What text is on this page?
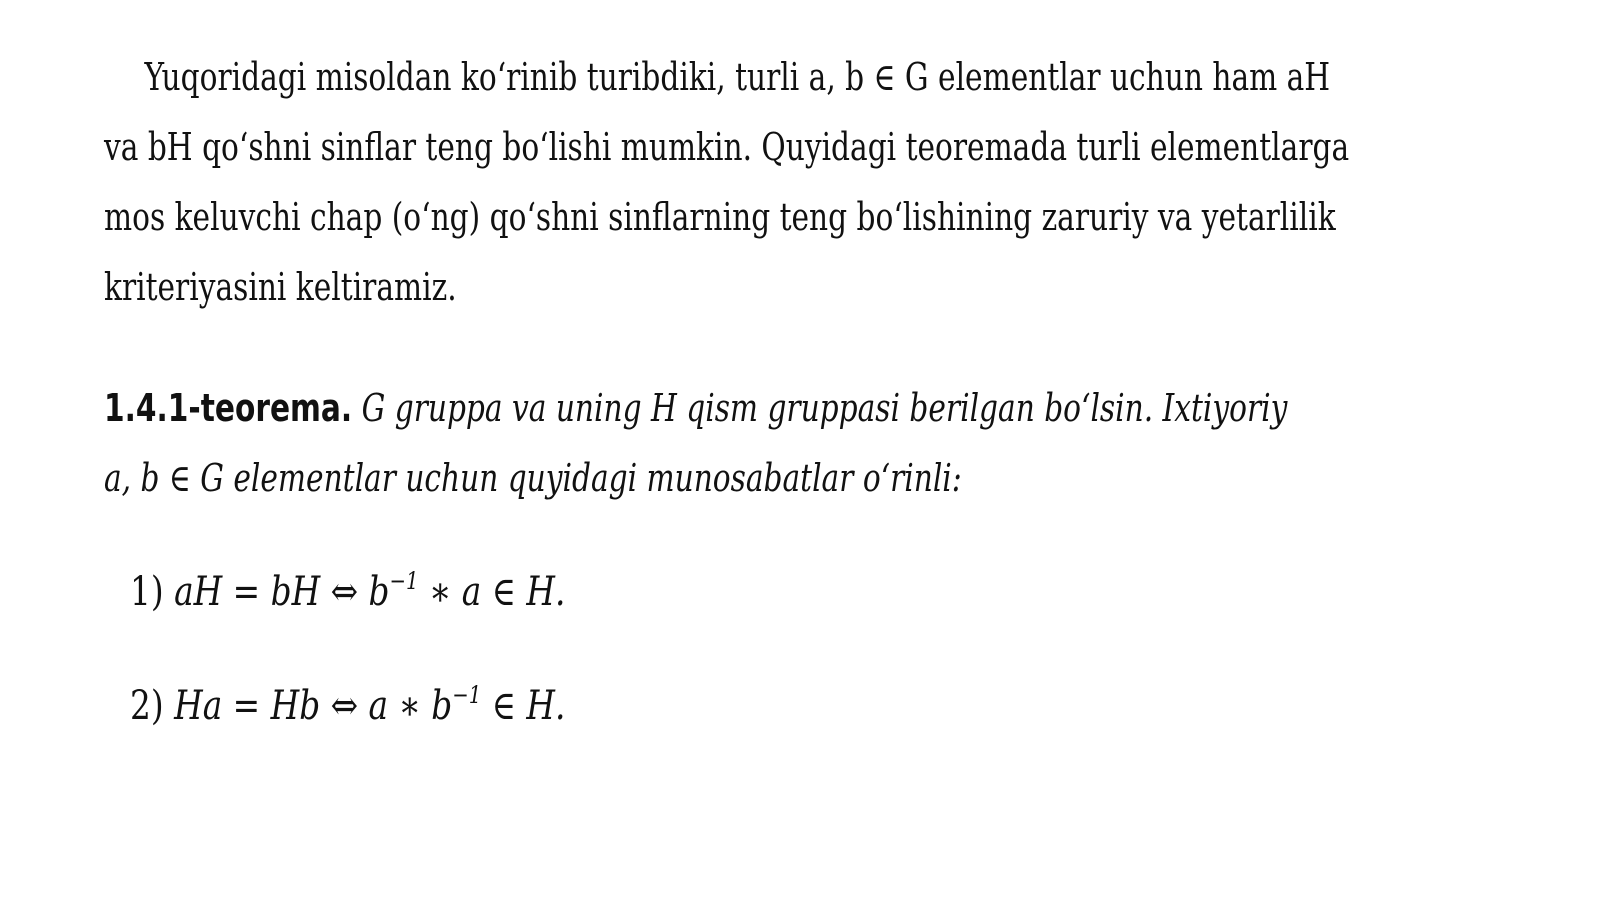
Yuqoridagi misoldan koʻrinib turibdiki, turli a, b ∈ G elementlar uchun ham aH
va bH qoʻshni sinflar teng boʻlishi mumkin. Quyidagi teoremada turli elementlarga
mos keluvchi chap (oʻng) qoʻshni sinflarning teng boʻlishining zaruriy va yetarlilik
kriteriyasini keltiramiz.
1.4.1-teorema. G gruppa va uning H qism gruppasi berilgan boʻlsin. Ixtiyoriy
a, b ∈ G elementlar uchun quyidagi munosabatlar oʻrinli:
1) aH = bH ⇔ $b^{-1}$ ∗ a ∈ H.
2) Ha = Hb ⇔ a ∗ $b^{-1}$ ∈ H.
